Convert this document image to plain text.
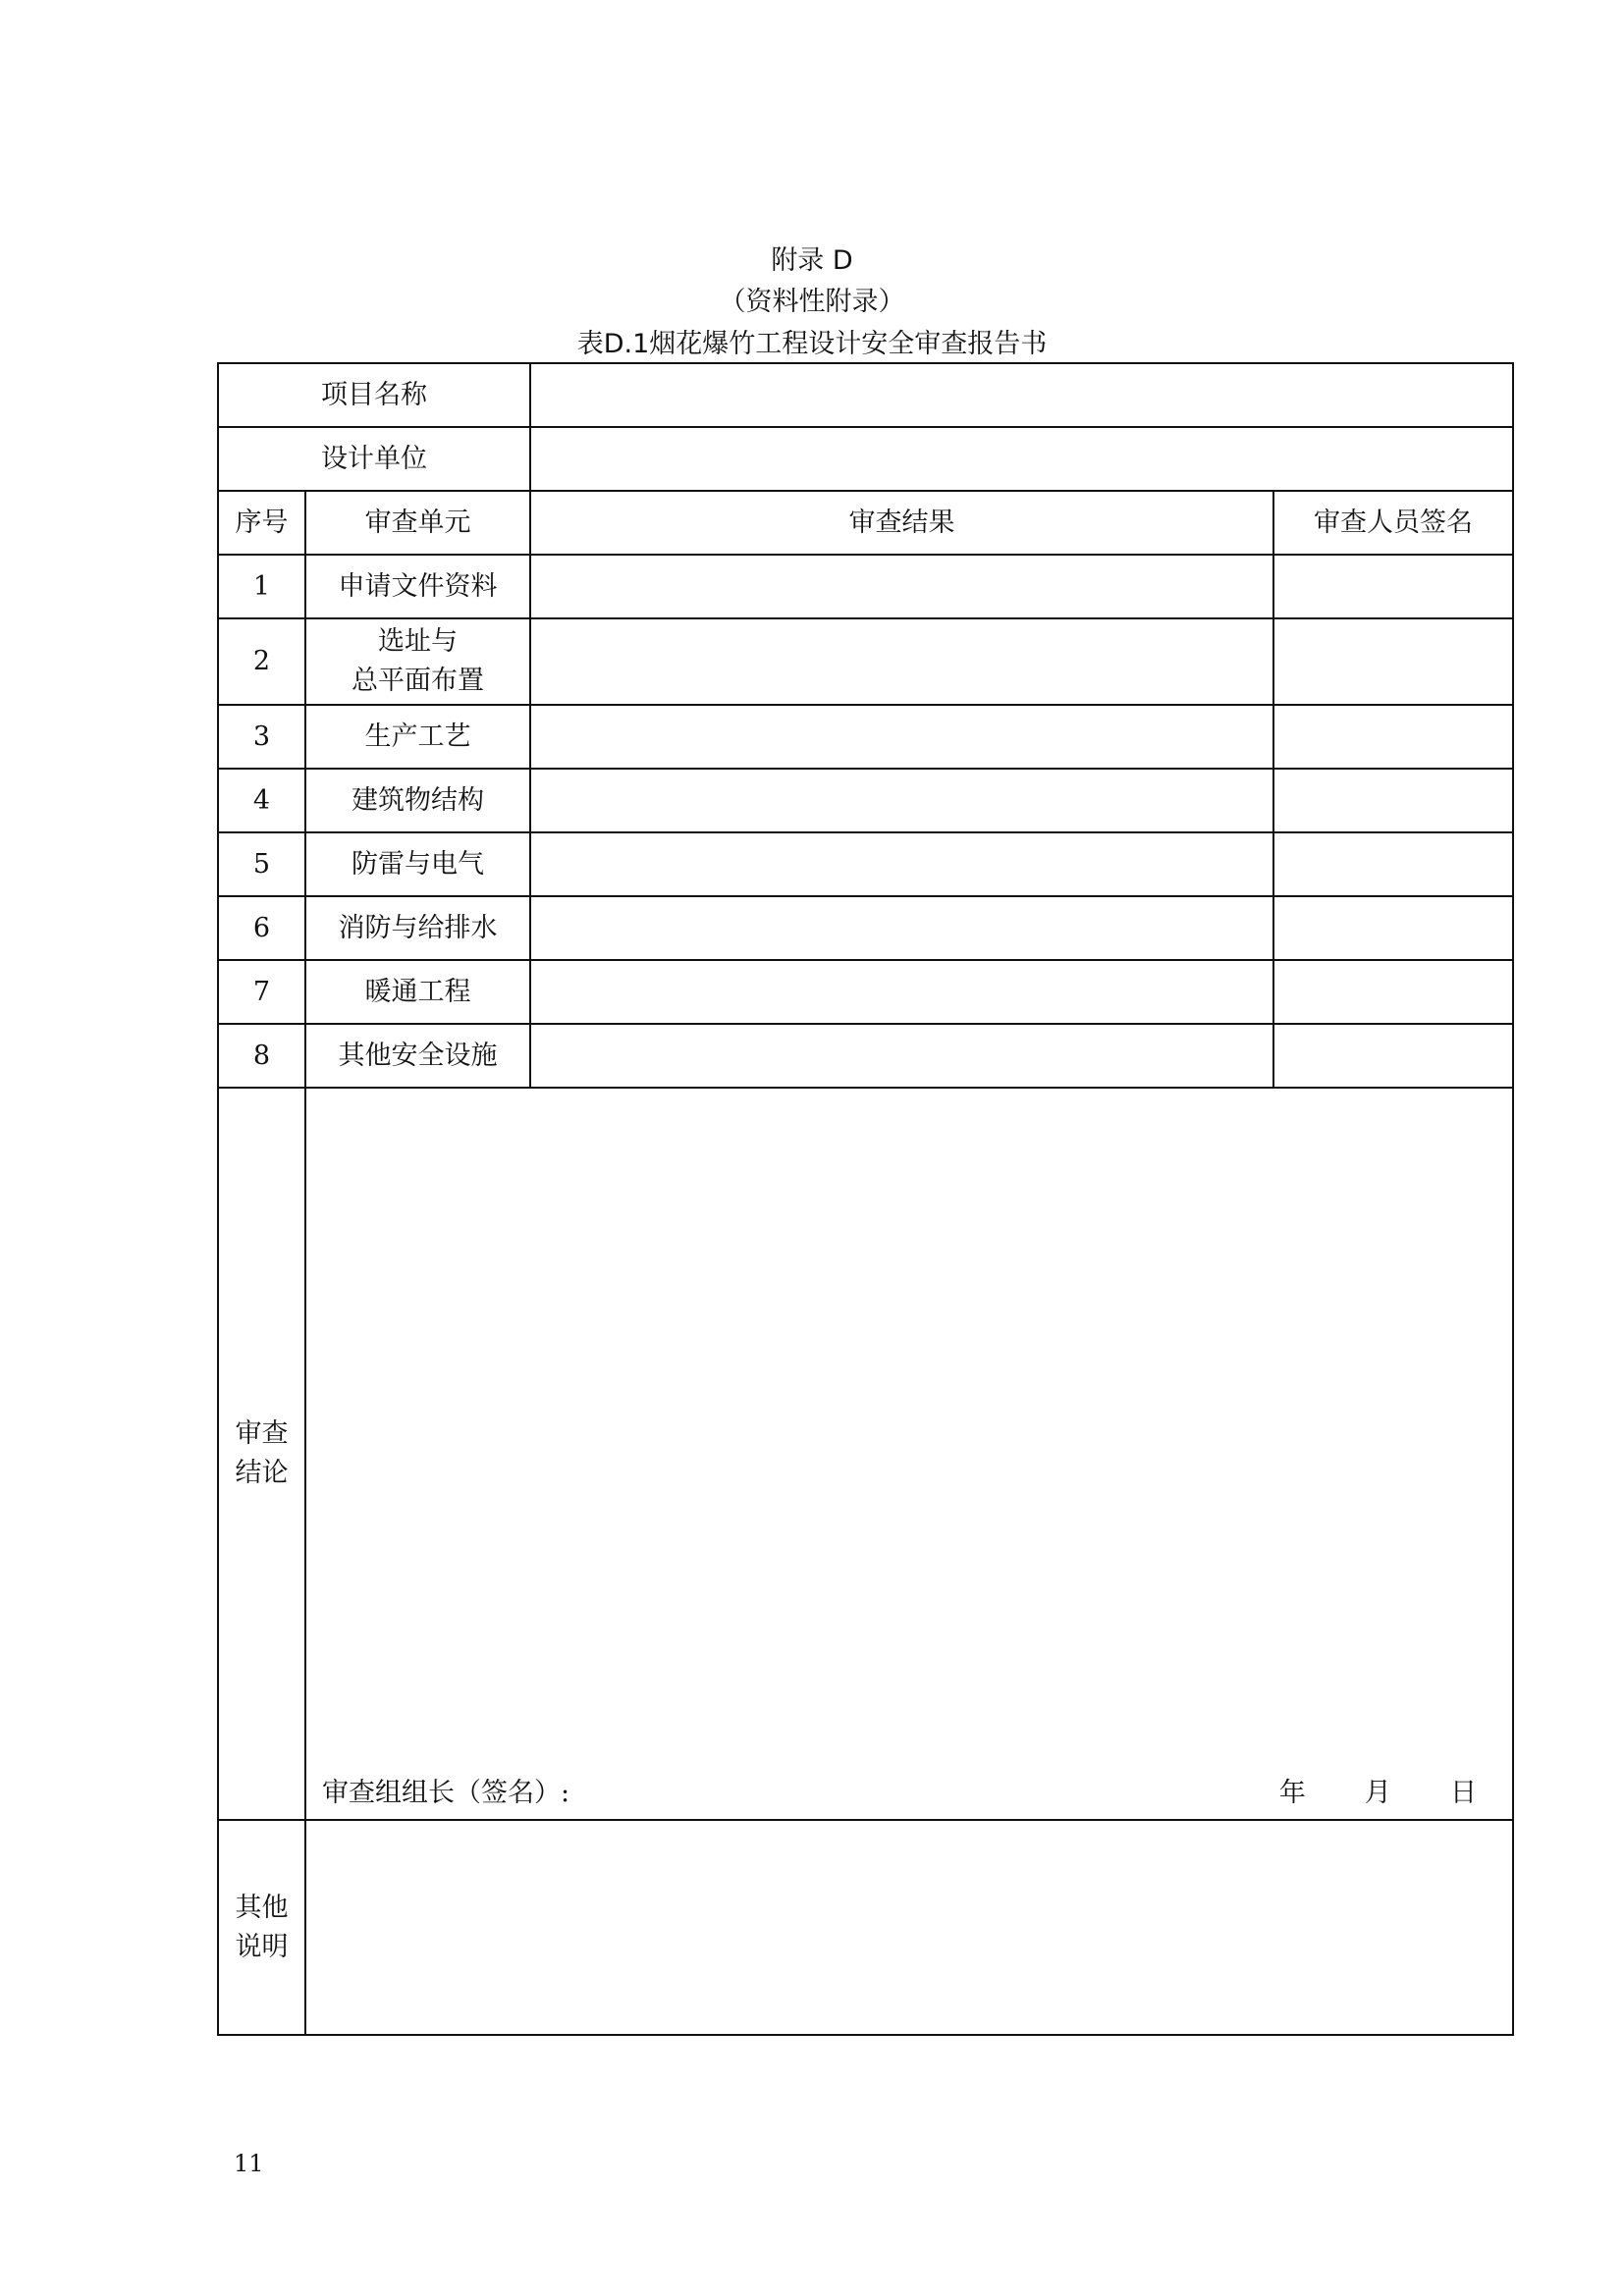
附录 D
（资料性附录）
表D.1烟花爆竹工程设计安全审查报告书
项目名称			
设计单位			
序号	审查单元	审查结果	审查人员签名
1	申请文件资料		
2	选址与
总平面布置		

3	生产工艺		
4	建筑物结构		
5	防雷与电气		
6	消防与给排水		
7	暖通工程		
8	其他安全设施		

审查
结论	审查组组长（签名）: 年 月 日		

其他
说明			

11
